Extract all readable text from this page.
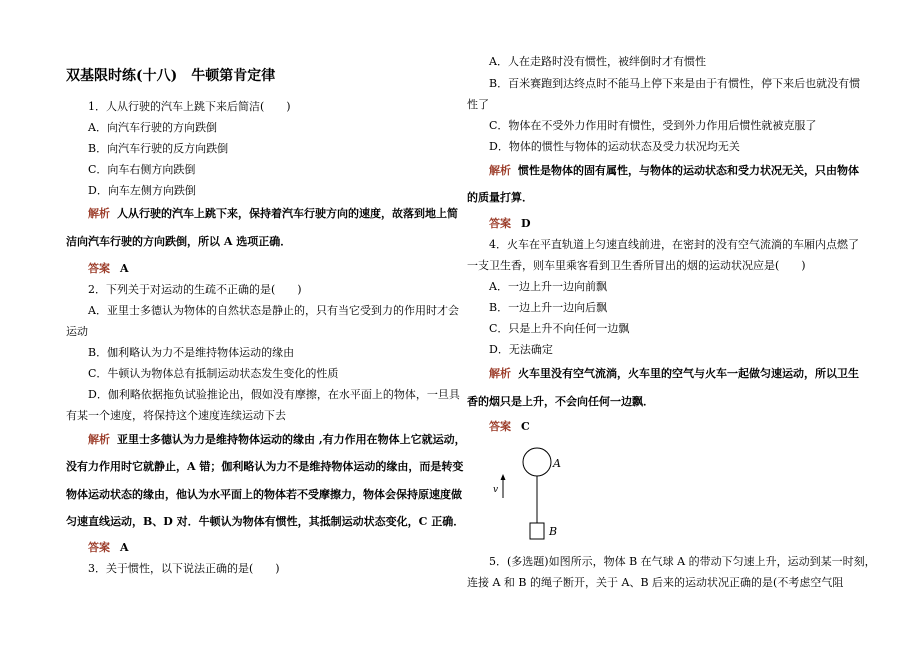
双基限时练(十八)　牛顿第肯定律
1．人从行驶的汽车上跳下来后简洁(　　)
A．向汽车行驶的方向跌倒
B．向汽车行驶的反方向跌倒
C．向车右侧方向跌倒
D．向车左侧方向跌倒
解析 人从行驶的汽车上跳下来，保持着汽车行驶方向的速度，故落到地上简
洁向汽车行驶的方向跌倒，所以 A 选项正确．
答案 A
2．下列关于对运动的生疏不正确的是(　　)
A．亚里士多德认为物体的自然状态是静止的，只有当它受到力的作用时才会
运动
B．伽利略认为力不是维持物体运动的缘由
C．牛顿认为物体总有抵制运动状态发生变化的性质
D．伽利略依据拖负试验推论出，假如没有摩擦，在水平面上的物体，一旦具
有某一个速度，将保持这个速度连续运动下去
解析 亚里士多德认为力是维持物体运动的缘由 ,有力作用在物体上它就运动，
没有力作用时它就静止，A 错；伽利略认为力不是维持物体运动的缘由，而是转变
物体运动状态的缘由，他认为水平面上的物体若不受摩擦力，物体会保持原速度做
匀速直线运动，B、D 对．牛顿认为物体有惯性，其抵制运动状态变化，C 正确．
答案 A
3．关于惯性，以下说法正确的是(　　)
A．人在走路时没有惯性，被绊倒时才有惯性
B．百米赛跑到达终点时不能马上停下来是由于有惯性，停下来后也就没有惯
性了
C．物体在不受外力作用时有惯性，受到外力作用后惯性就被克服了
D．物体的惯性与物体的运动状态及受力状况均无关
解析 惯性是物体的固有属性，与物体的运动状态和受力状况无关，只由物体
的质量打算．
答案 D
4．火车在平直轨道上匀速直线前进，在密封的没有空气流淌的车厢内点燃了
一支卫生香，则车里乘客看到卫生香所冒出的烟的运动状况应是(　　)
A．一边上升一边向前飘
B．一边上升一边向后飘
C．只是上升不向任何一边飘
D．无法确定
解析 火车里没有空气流淌，火车里的空气与火车一起做匀速运动，所以卫生
香的烟只是上升，不会向任何一边飘．
答案 C
A
B
v
5．(多选题)如图所示，物体 B 在气球 A 的带动下匀速上升，运动到某一时刻，
连接 A 和 B 的绳子断开，关于 A、B 后来的运动状况正确的是(不考虑空气阻
